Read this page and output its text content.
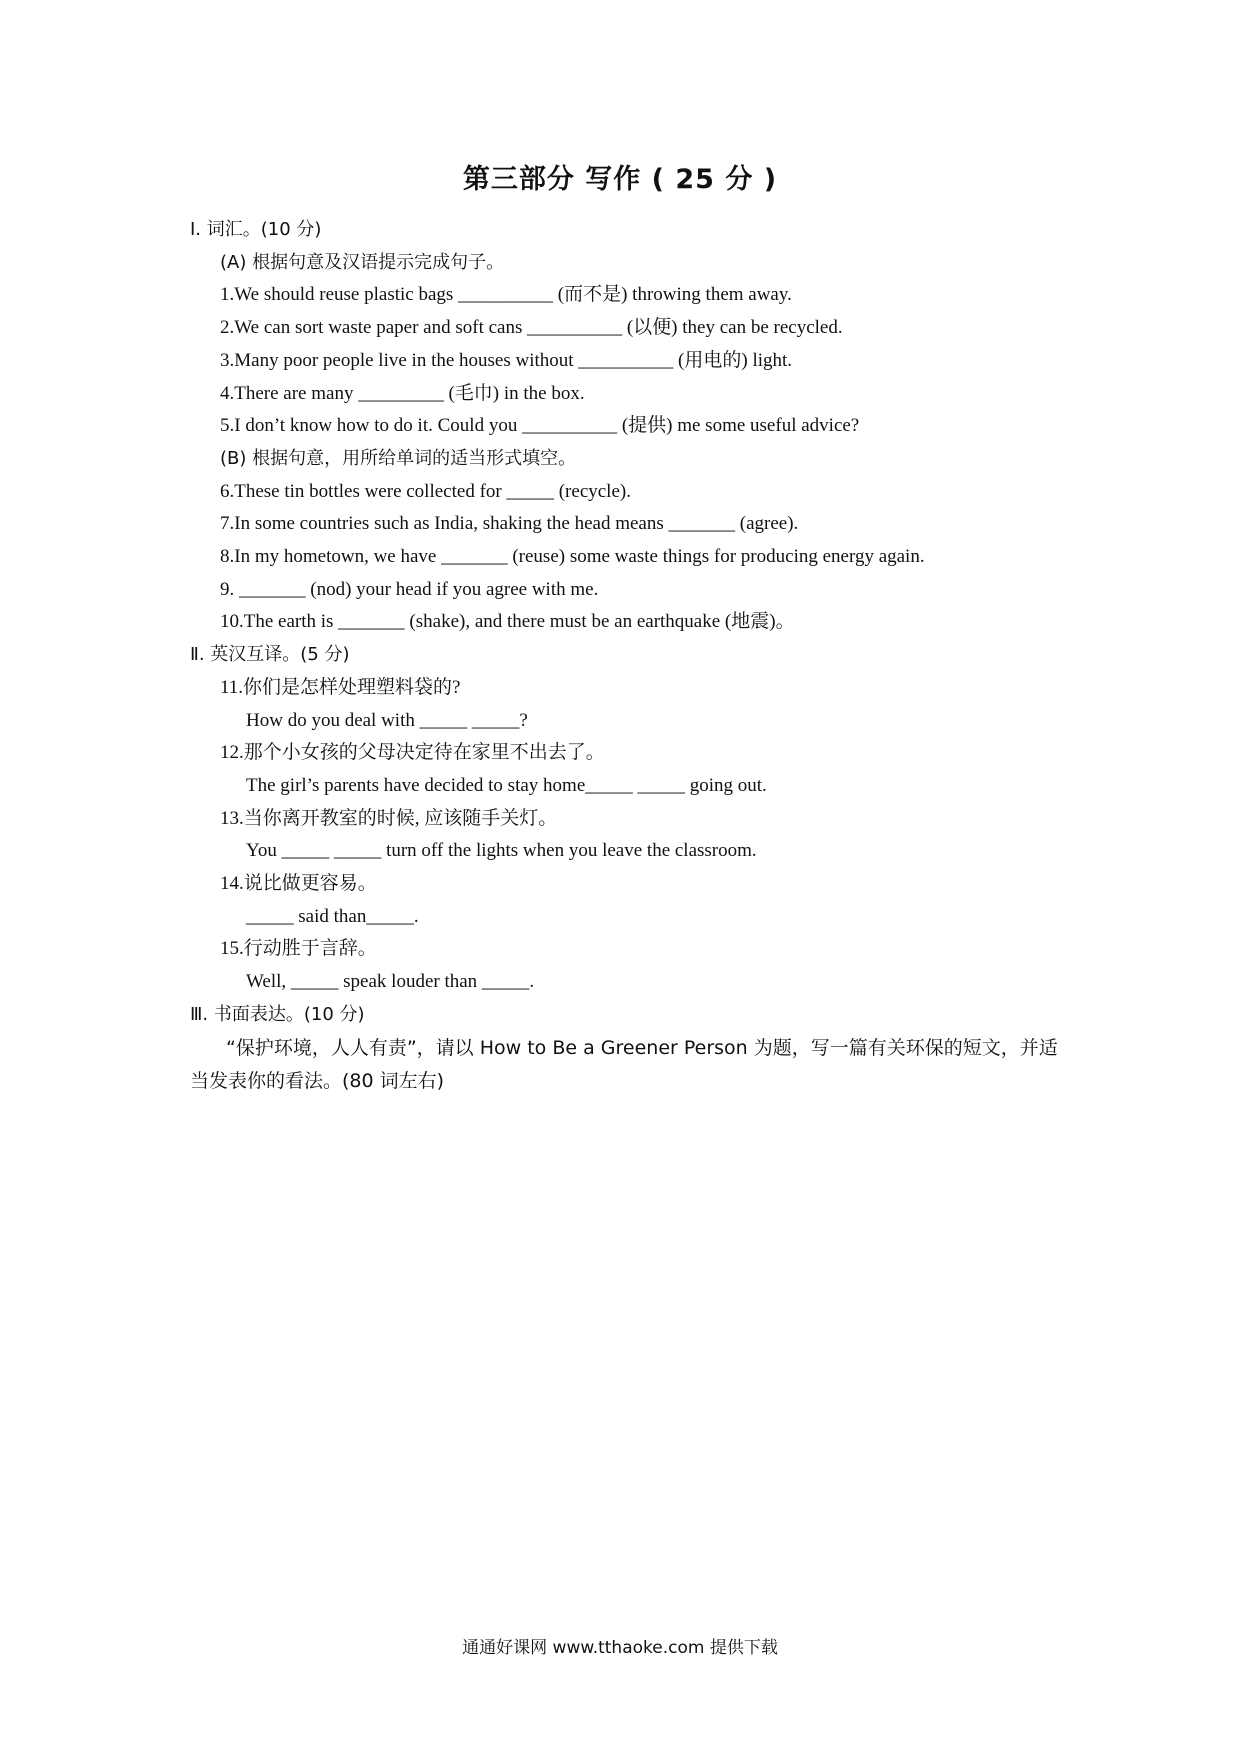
第三部分 写作 ( 25 分 )
Ⅰ. 词汇。(10 分)
(A) 根据句意及汉语提示完成句子。
1.We should reuse plastic bags __________ (而不是) throwing them away.
2.We can sort waste paper and soft cans __________ (以便) they can be recycled.
3.Many poor people live in the houses without __________ (用电的) light.
4.There are many _________ (毛巾) in the box.
5.I don’t know how to do it. Could you __________ (提供) me some useful advice?
(B) 根据句意，用所给单词的适当形式填空。
6.These tin bottles were collected for _____ (recycle).
7.In some countries such as India, shaking the head means _______ (agree).
8.In my hometown, we have _______ (reuse) some waste things for producing energy again.
9. _______ (nod) your head if you agree with me.
10.The earth is _______ (shake), and there must be an earthquake (地震)。
Ⅱ. 英汉互译。(5 分)
11.你们是怎样处理塑料袋的?
How do you deal with _____ _____?
12.那个小女孩的父母决定待在家里不出去了。
The girl’s parents have decided to stay home_____ _____ going out.
13.当你离开教室的时候, 应该随手关灯。
You _____ _____ turn off the lights when you leave the classroom.
14.说比做更容易。
_____ said than_____.
15.行动胜于言辞。
Well, _____ speak louder than _____.
Ⅲ. 书面表达。(10 分)
“保护环境，人人有责”，请以 How to Be a Greener Person 为题，写一篇有关环保的短文，并适当发表你的看法。(80 词左右)
通通好课网 www.tthaoke.com 提供下载
